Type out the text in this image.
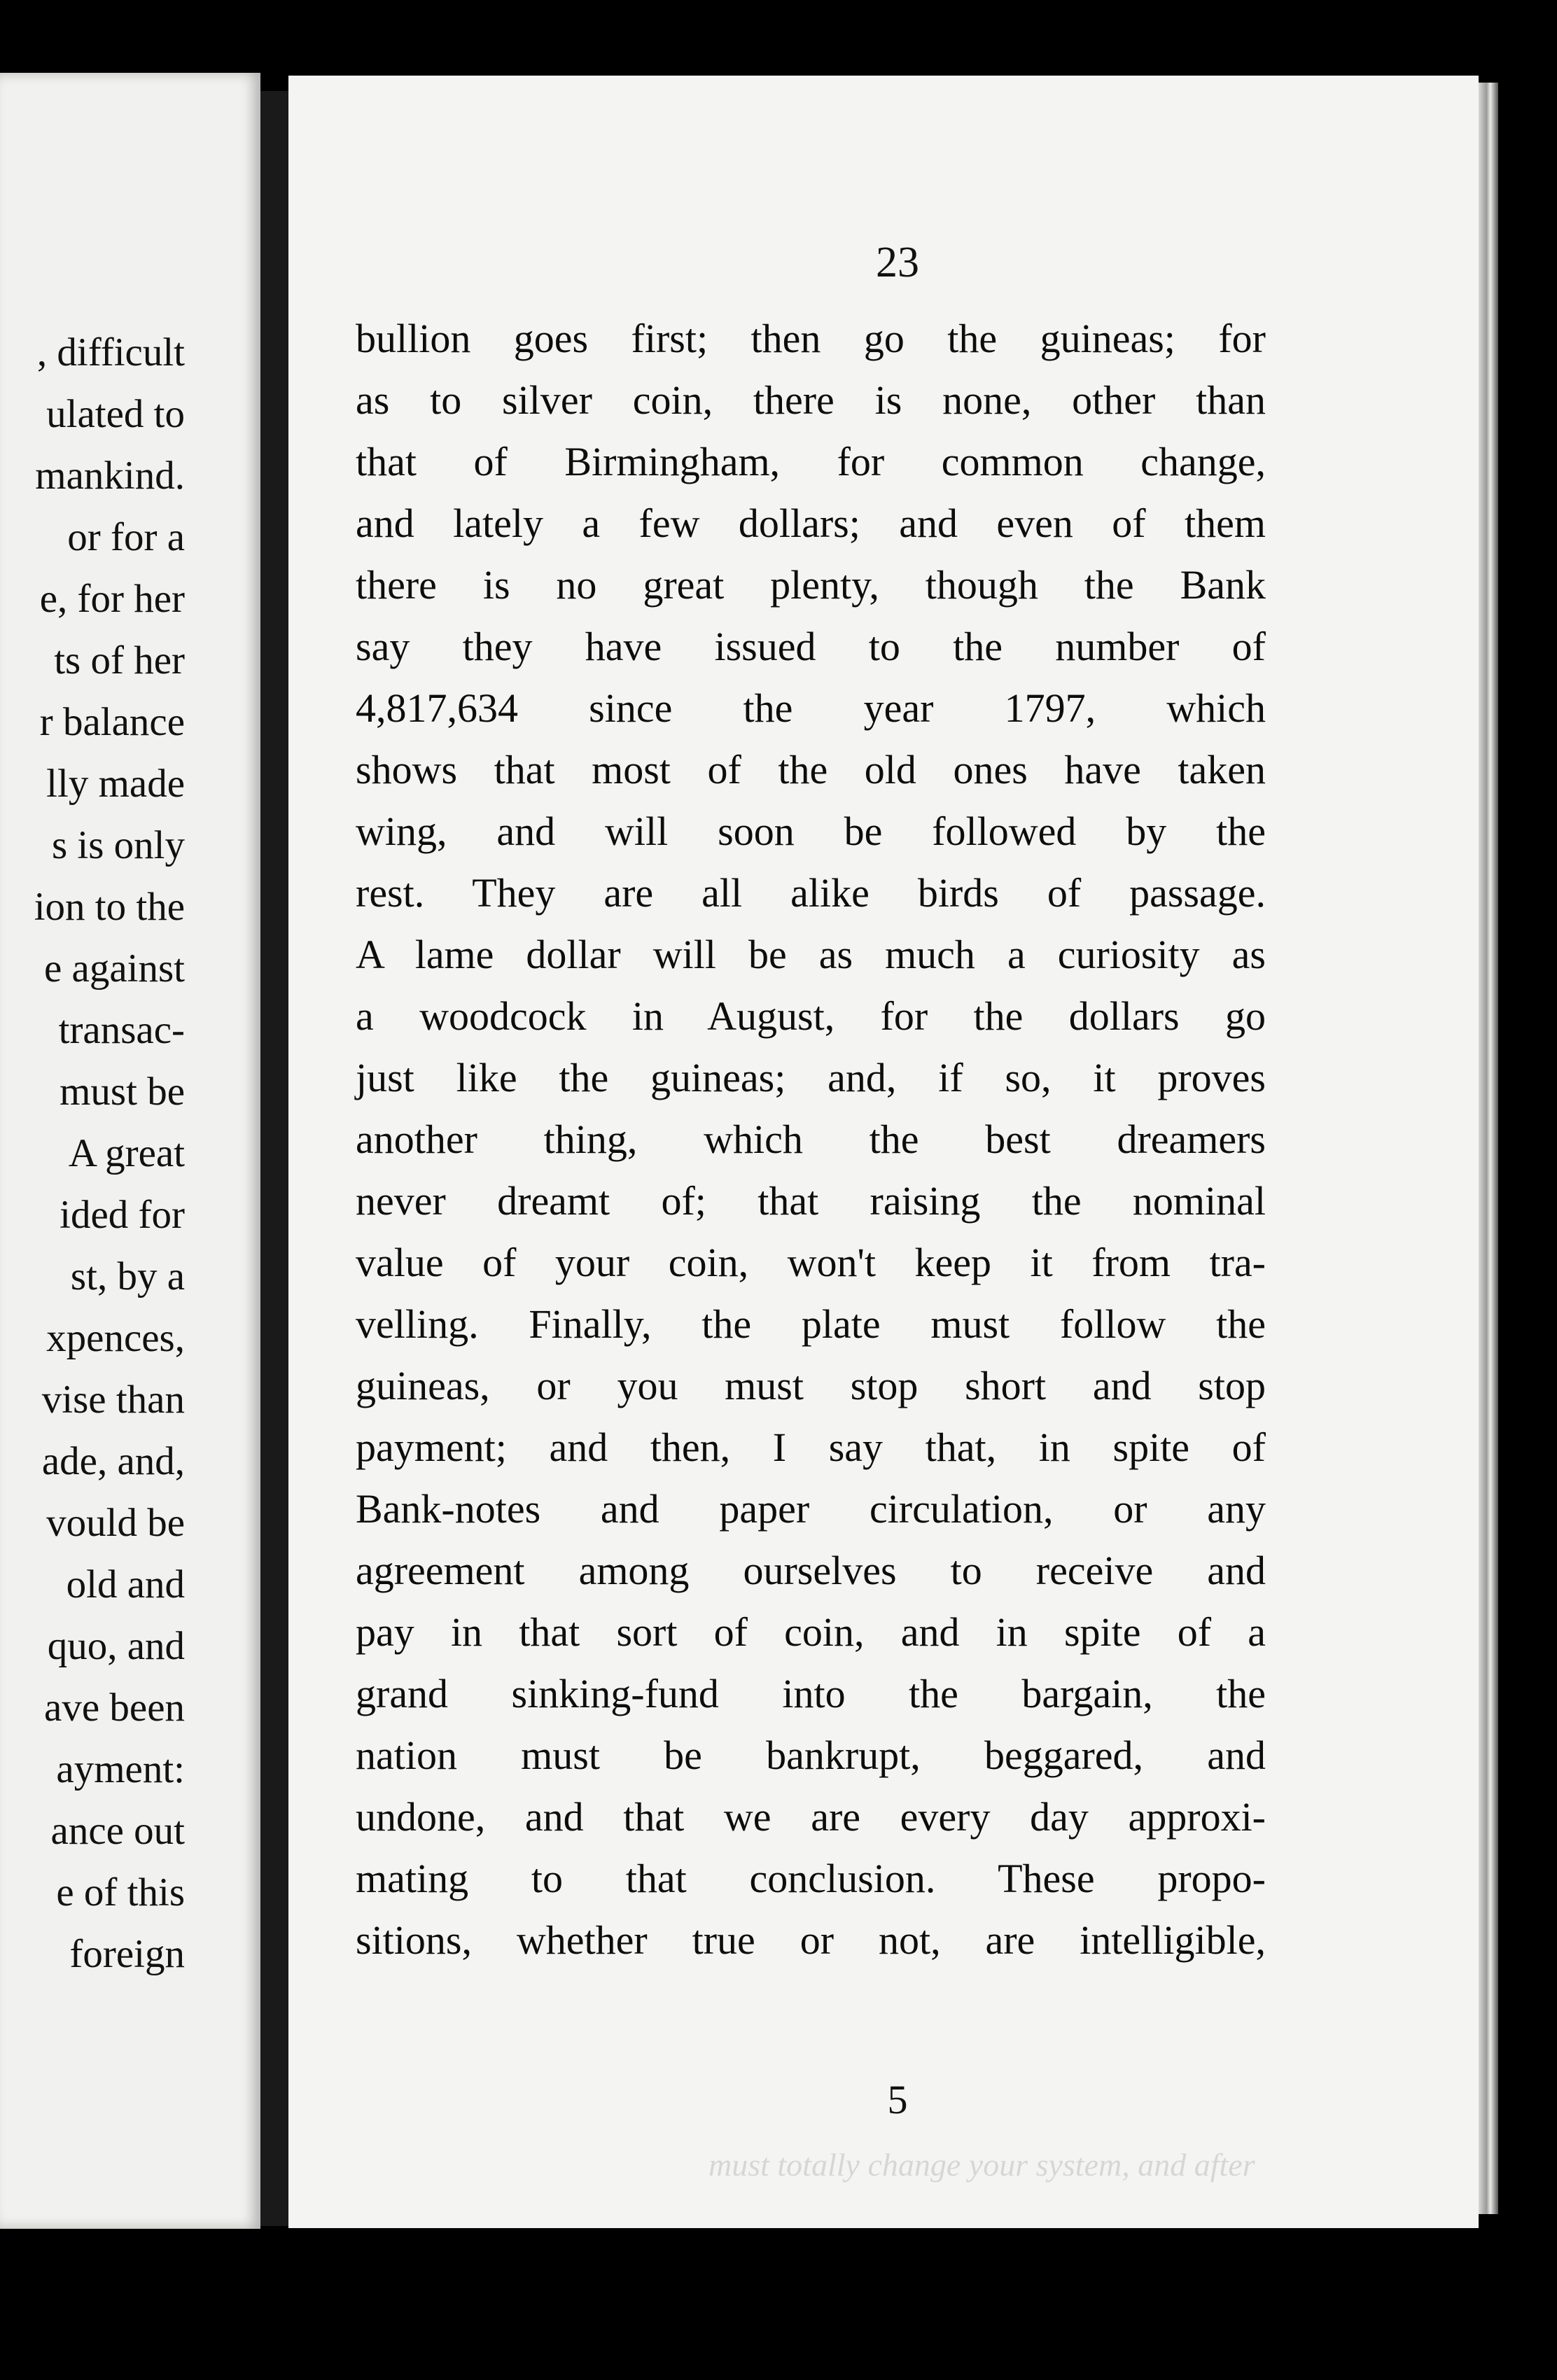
, difficult
ulated to
mankind.
or for a
e, for her
ts of her
r balance
lly made
s is only
ion to the
e against
transac-
must be
A great
ided for
st, by a
xpences,
vise than
ade, and,
vould be
old and
quo, and
ave been
ayment:
ance out
e of this
foreign
23
bullion goes first; then go the guineas; for
as to silver coin, there is none, other than
that of Birmingham, for common change,
and lately a few dollars; and even of them
there is no great plenty, though the Bank
say they have issued to the number of
4,817,634 since the year 1797, which
shows that most of the old ones have taken
wing, and will soon be followed by the
rest. They are all alike birds of passage.
A lame dollar will be as much a curiosity as
a woodcock in August, for the dollars go
just like the guineas; and, if so, it proves
another thing, which the best dreamers
never dreamt of; that raising the nominal
value of your coin, won't keep it from tra-
velling. Finally, the plate must follow the
guineas, or you must stop short and stop
payment; and then, I say that, in spite of
Bank-notes and paper circulation, or any
agreement among ourselves to receive and
pay in that sort of coin, and in spite of a
grand sinking-fund into the bargain, the
nation must be bankrupt, beggared, and
undone, and that we are every day approxi-
mating to that conclusion. These propo-
sitions, whether true or not, are intelligible,
must totally change your system, and after
5
